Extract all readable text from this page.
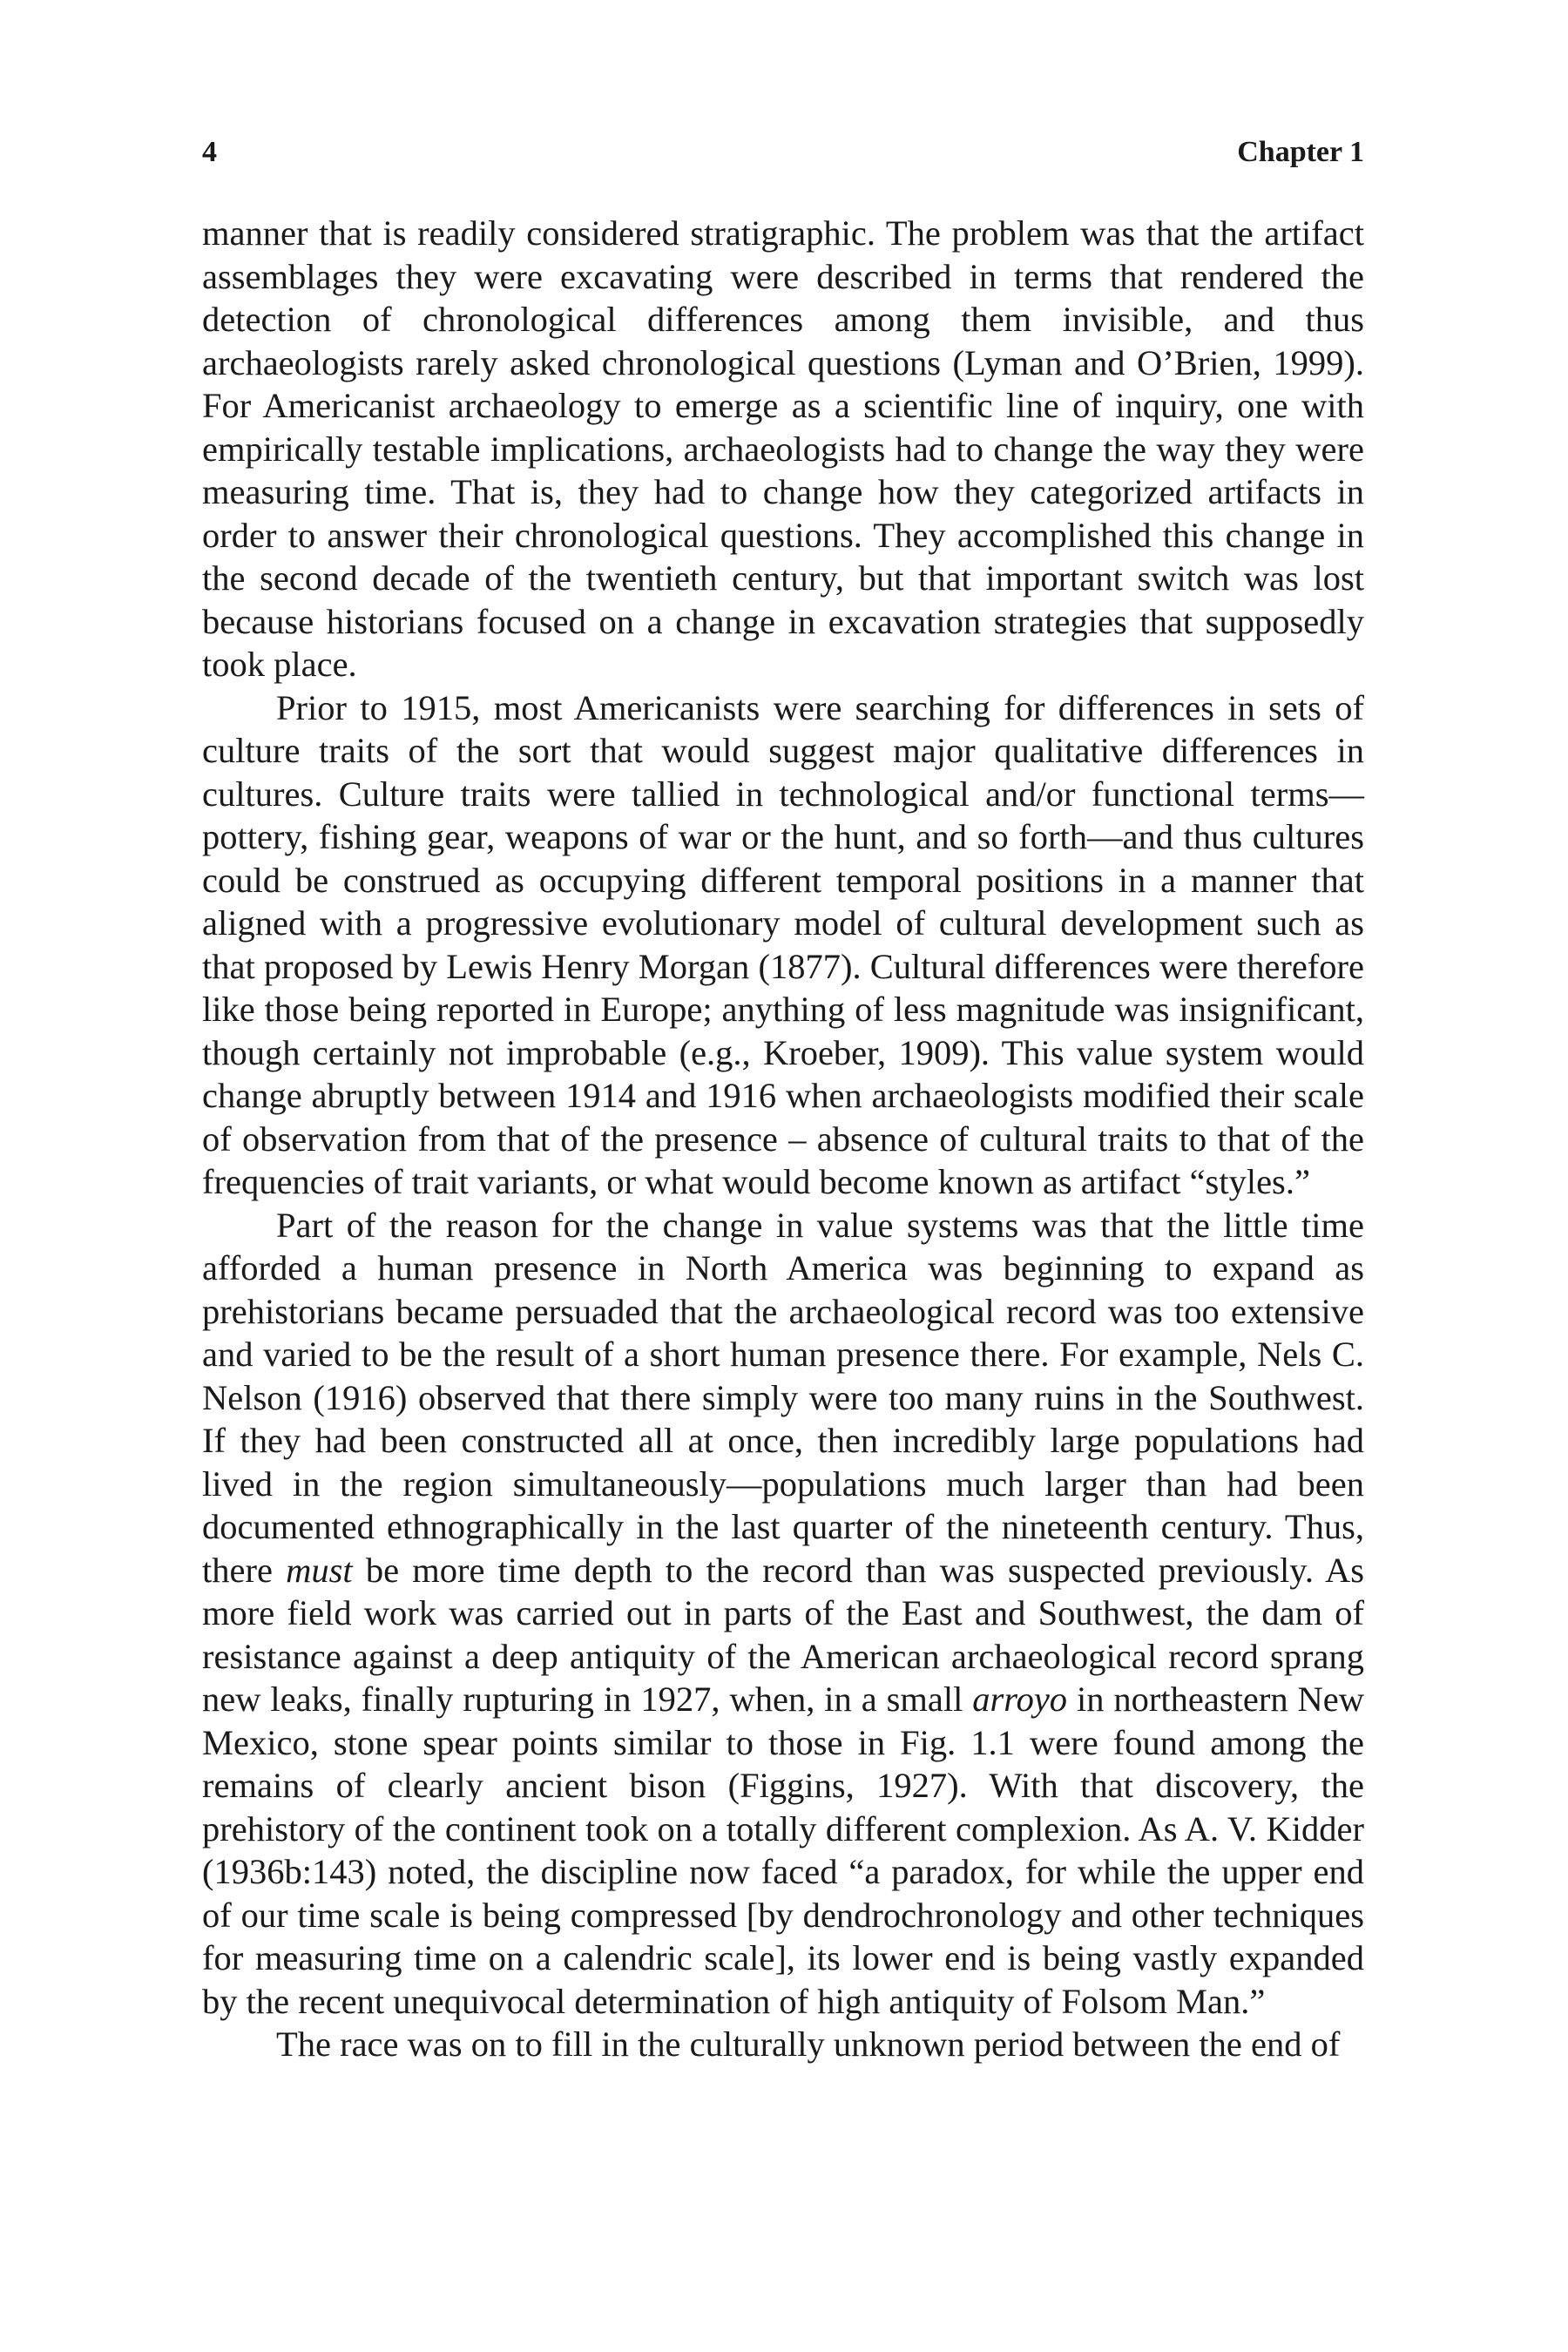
4	Chapter 1

manner that is readily considered stratigraphic. The problem was that the artifact assemblages they were excavating were described in terms that rendered the detection of chronological differences among them invisible, and thus archaeologists rarely asked chronological questions (Lyman and O’Brien, 1999). For Americanist archaeology to emerge as a scientific line of inquiry, one with empirically testable implications, archaeologists had to change the way they were measuring time. That is, they had to change how they categorized artifacts in order to answer their chronological questions. They accomplished this change in the second decade of the twentieth century, but that important switch was lost because historians focused on a change in excavation strategies that supposedly took place.

Prior to 1915, most Americanists were searching for differences in sets of culture traits of the sort that would suggest major qualitative differences in cultures. Culture traits were tallied in technological and/or functional terms—pottery, fishing gear, weapons of war or the hunt, and so forth—and thus cultures could be construed as occupying different temporal positions in a manner that aligned with a progressive evolutionary model of cultural development such as that proposed by Lewis Henry Morgan (1877). Cultural differences were therefore like those being reported in Europe; anything of less magnitude was insignificant, though certainly not improbable (e.g., Kroeber, 1909). This value system would change abruptly between 1914 and 1916 when archaeologists modified their scale of observation from that of the presence – absence of cultural traits to that of the frequencies of trait variants, or what would become known as artifact “styles.”

Part of the reason for the change in value systems was that the little time afforded a human presence in North America was beginning to expand as prehistorians became persuaded that the archaeological record was too extensive and varied to be the result of a short human presence there. For example, Nels C. Nelson (1916) observed that there simply were too many ruins in the Southwest. If they had been constructed all at once, then incredibly large populations had lived in the region simultaneously—populations much larger than had been documented ethnographically in the last quarter of the nineteenth century. Thus, there must be more time depth to the record than was suspected previously. As more field work was carried out in parts of the East and Southwest, the dam of resistance against a deep antiquity of the American archaeological record sprang new leaks, finally rupturing in 1927, when, in a small arroyo in northeastern New Mexico, stone spear points similar to those in Fig. 1.1 were found among the remains of clearly ancient bison (Figgins, 1927). With that discovery, the prehistory of the continent took on a totally different complexion. As A. V. Kidder (1936b:143) noted, the discipline now faced “a paradox, for while the upper end of our time scale is being compressed [by dendrochronology and other techniques for measuring time on a calendric scale], its lower end is being vastly expanded by the recent unequivocal determination of high antiquity of Folsom Man.”

The race was on to fill in the culturally unknown period between the end of
